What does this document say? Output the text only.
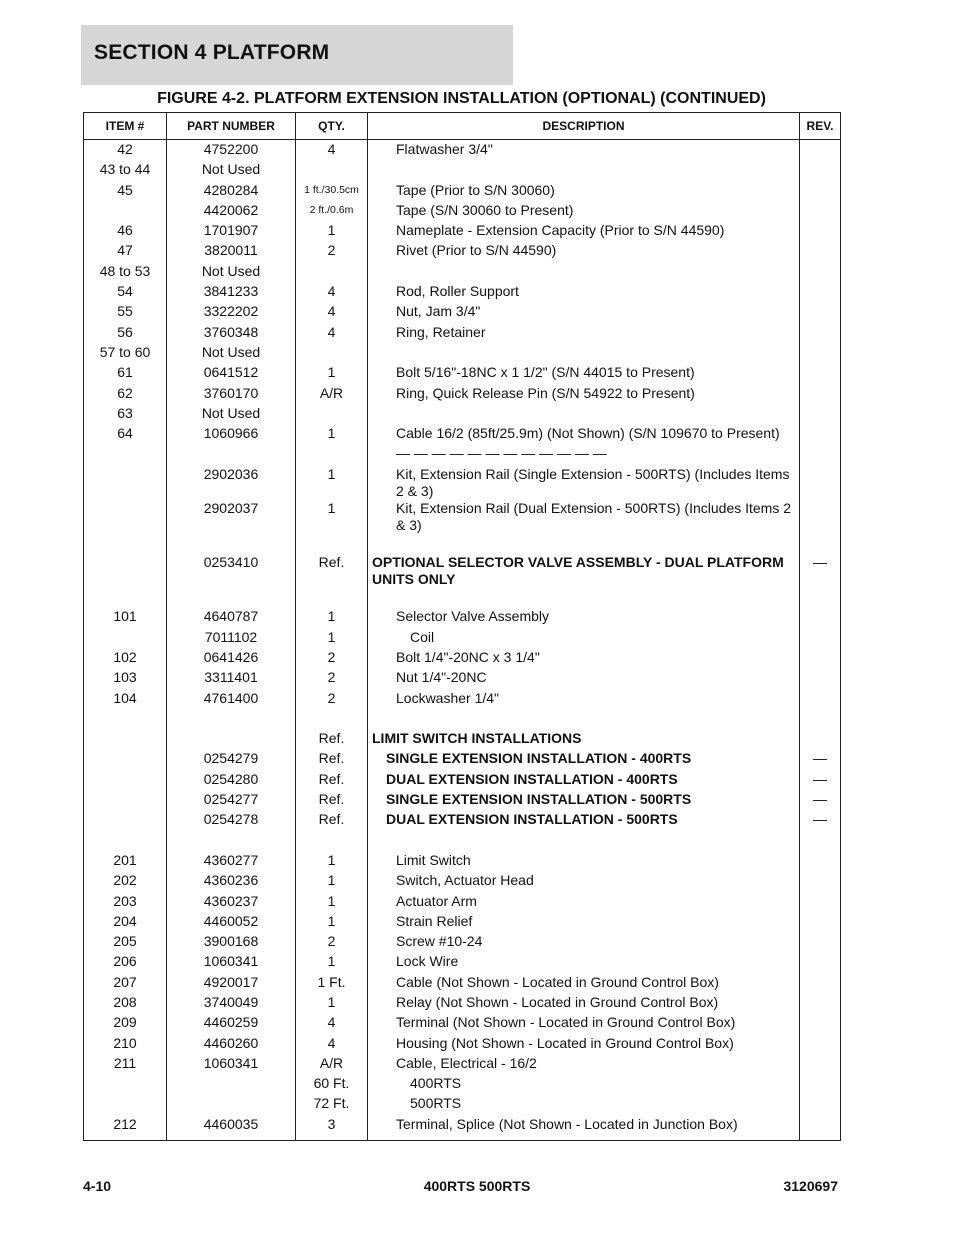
SECTION 4 PLATFORM
FIGURE 4-2. PLATFORM EXTENSION INSTALLATION (OPTIONAL) (CONTINUED)
ITEM #	PART NUMBER	QTY.	DESCRIPTION	REV.
42	4752200	4	Flatwasher 3/4"	
43 to 44	Not Used			
45	4280284	1 ft./30.5cm	Tape (Prior to S/N 30060)	
	4420062	2 ft./0.6m	Tape (S/N 30060 to Present)	
46	1701907	1	Nameplate - Extension Capacity (Prior to S/N 44590)	
47	3820011	2	Rivet (Prior to S/N 44590)	
48 to 53	Not Used			
54	3841233	4	Rod, Roller Support	
55	3322202	4	Nut, Jam 3/4"	
56	3760348	4	Ring, Retainer	
57 to 60	Not Used			
61	0641512	1	Bolt 5/16"-18NC x 1 1/2" (S/N 44015 to Present)	
62	3760170	A/R	Ring, Quick Release Pin (S/N 54922 to Present)	
63	Not Used			
64	1060966	1	Cable 16/2 (85ft/25.9m) (Not Shown) (S/N 109670 to Present)	
			— — — — — — — — — — — —	
	2902036	1	Kit, Extension Rail (Single Extension - 500RTS) (Includes Items 2 & 3)	
	2902037	1	Kit, Extension Rail (Dual Extension - 500RTS) (Includes Items 2 & 3)	

	0253410	Ref.	OPTIONAL SELECTOR VALVE ASSEMBLY - DUAL PLATFORM UNITS ONLY	—

101	4640787	1	Selector Valve Assembly	
	7011102	1	Coil	
102	0641426	2	Bolt 1/4"-20NC x 3 1/4"	
103	3311401	2	Nut 1/4"-20NC	
104	4761400	2	Lockwasher 1/4"	

		Ref.	LIMIT SWITCH INSTALLATIONS	
	0254279	Ref.	SINGLE EXTENSION INSTALLATION - 400RTS	—
	0254280	Ref.	DUAL EXTENSION INSTALLATION - 400RTS	—
	0254277	Ref.	SINGLE EXTENSION INSTALLATION - 500RTS	—
	0254278	Ref.	DUAL EXTENSION INSTALLATION - 500RTS	—

201	4360277	1	Limit Switch	
202	4360236	1	Switch, Actuator Head	
203	4360237	1	Actuator Arm	
204	4460052	1	Strain Relief	
205	3900168	2	Screw #10-24	
206	1060341	1	Lock Wire	
207	4920017	1 Ft.	Cable (Not Shown - Located in Ground Control Box)	
208	3740049	1	Relay (Not Shown - Located in Ground Control Box)	
209	4460259	4	Terminal (Not Shown - Located in Ground Control Box)	
210	4460260	4	Housing (Not Shown - Located in Ground Control Box)	
211	1060341	A/R	Cable, Electrical - 16/2	
		60 Ft.	400RTS	
		72 Ft.	500RTS	
212	4460035	3	Terminal, Splice (Not Shown - Located in Junction Box)	
4-10	400RTS 500RTS	3120697
